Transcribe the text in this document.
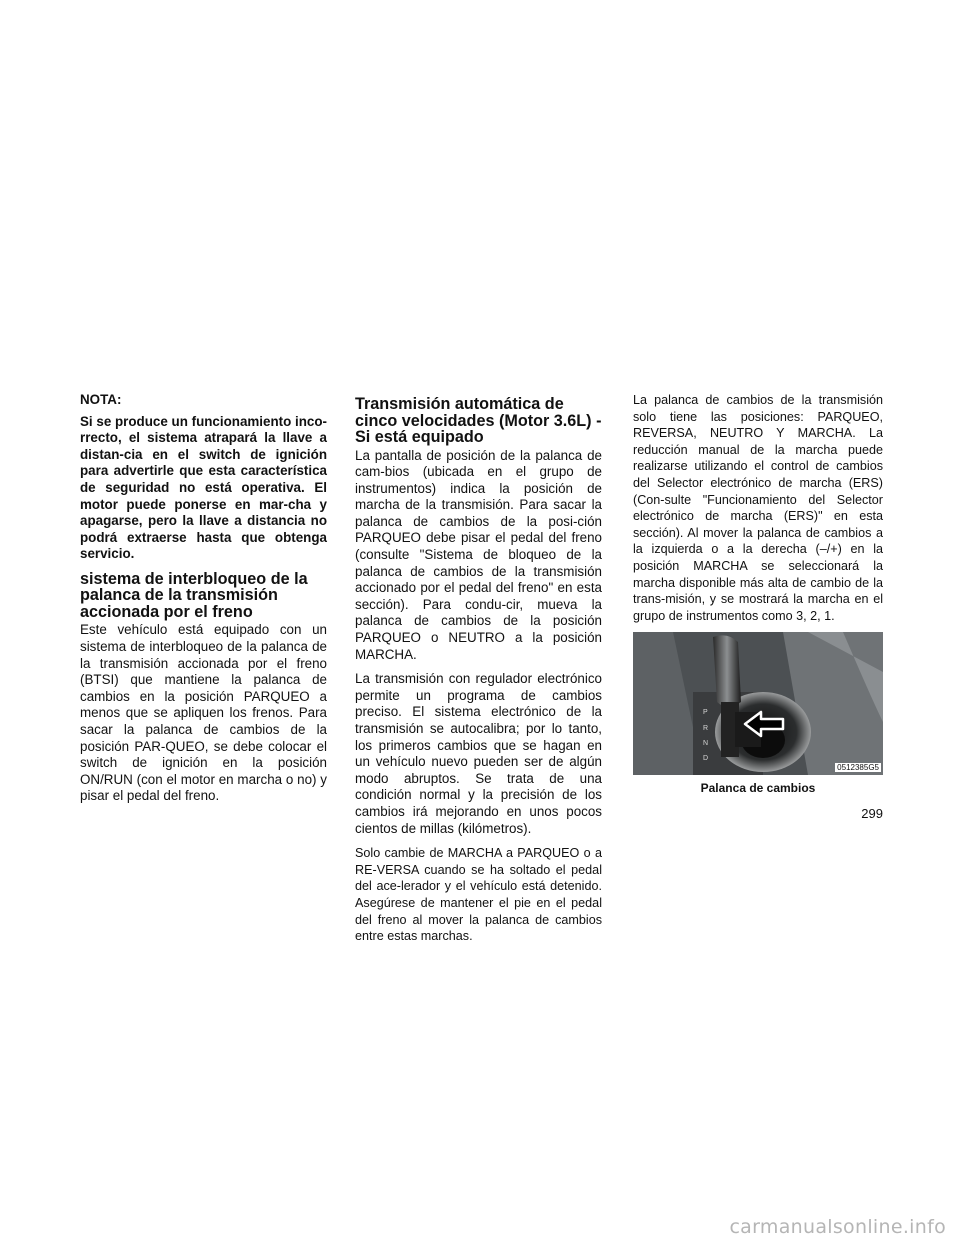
NOTA:

Si se produce un funcionamiento inco-rrecto, el sistema atrapará la llave a distan-cia en el switch de ignición para advertirle que esta característica de seguridad no está operativa. El motor puede ponerse en mar-cha y apagarse, pero la llave a distancia no podrá extraerse hasta que obtenga servicio.

sistema de interbloqueo de la palanca de la transmisión accionada por el freno

Este vehículo está equipado con un sistema de interbloqueo de la palanca de la transmisión accionada por el freno (BTSI) que mantiene la palanca de cambios en la posición PARQUEO a menos que se apliquen los frenos. Para sacar la palanca de cambios de la posición PAR-QUEO, se debe colocar el switch de ignición en la posición ON/RUN (con el motor en marcha o no) y pisar el pedal del freno.

Transmisión automática de cinco velocidades (Motor 3.6L) - Si está equipado

La pantalla de posición de la palanca de cam-bios (ubicada en el grupo de instrumentos) indica la posición de marcha de la transmisión. Para sacar la palanca de cambios de la posi-ción PARQUEO debe pisar el pedal del freno (consulte "Sistema de bloqueo de la palanca de cambios de la transmisión accionado por el pedal del freno" en esta sección). Para condu-cir, mueva la palanca de cambios de la posición PARQUEO o NEUTRO a la posición MARCHA.

La transmisión con regulador electrónico permite un programa de cambios preciso. El sistema electrónico de la transmisión se autocalibra; por lo tanto, los primeros cambios que se hagan en un vehículo nuevo pueden ser de algún modo abruptos. Se trata de una condición normal y la precisión de los cambios irá mejorando en unos pocos cientos de millas (kilómetros).

Solo cambie de MARCHA a PARQUEO o a RE-VERSA cuando se ha soltado el pedal del ace-lerador y el vehículo está detenido. Asegúrese de mantener el pie en el pedal del freno al mover la palanca de cambios entre estas marchas.

La palanca de cambios de la transmisión solo tiene las posiciones: PARQUEO, REVERSA, NEUTRO Y MARCHA. La reducción manual de la marcha puede realizarse utilizando el control de cambios del Selector electrónico de marcha (ERS) (Con-sulte "Funcionamiento del Selector electrónico de marcha (ERS)" en esta sección). Al mover la palanca de cambios a la izquierda o a la derecha (–/+) en la posición MARCHA se seleccionará la marcha disponible más alta de cambio de la trans-misión, y se mostrará la marcha en el grupo de instrumentos como 3, 2, 1.

P
R
N
D
0512385G5
Palanca de cambios
299
carmanualsonline.info
